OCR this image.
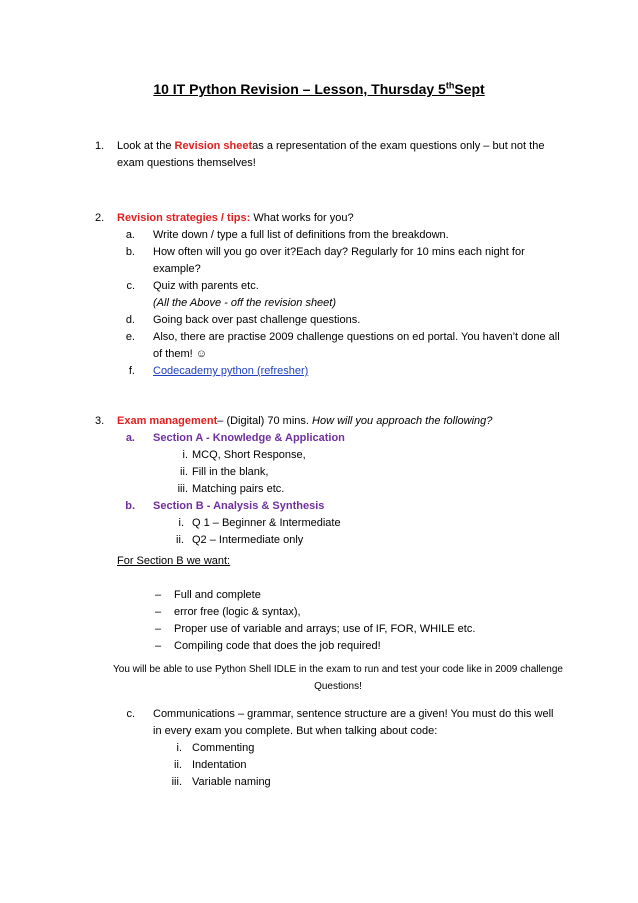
10 IT Python Revision – Lesson, Thursday 5thSept
1. Look at the Revision sheetas a representation of the exam questions only – but not the
exam questions themselves!
2. Revision strategies / tips: What works for you?
a. Write down / type a full list of definitions from the breakdown.
b. How often will you go over it?Each day? Regularly for 10 mins each night for
example?
c. Quiz with parents etc.
(All the Above - off the revision sheet)
d. Going back over past challenge questions.
e. Also, there are practise 2009 challenge questions on ed portal. You haven’t done all
of them! ☺
f. Codecademy python (refresher)
3. Exam management– (Digital) 70 mins. How will you approach the following?
a. Section A - Knowledge & Application
i. MCQ, Short Response,
ii. Fill in the blank,
iii. Matching pairs etc.
b. Section B - Analysis & Synthesis
i. Q 1 – Beginner & Intermediate
ii. Q2 – Intermediate only
For Section B we want:
– Full and complete
– error free (logic & syntax),
– Proper use of variable and arrays; use of IF, FOR, WHILE etc.
– Compiling code that does the job required!
You will be able to use Python Shell IDLE in the exam to run and test your code like in 2009 challenge
Questions!
c. Communications – grammar, sentence structure are a given! You must do this well
in every exam you complete. But when talking about code:
i. Commenting
ii. Indentation
iii. Variable naming
